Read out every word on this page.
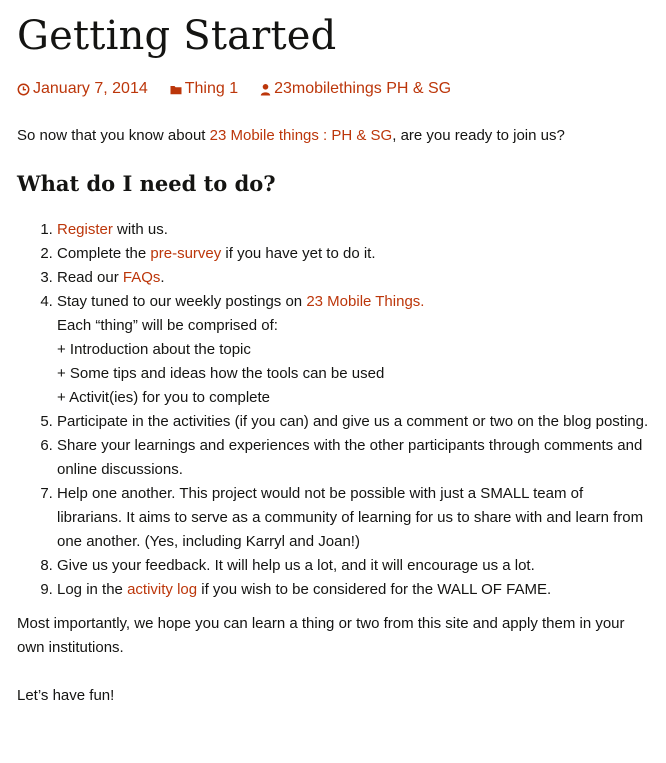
Getting Started
January 7, 2014 Thing 1 23mobilethings PH & SG

So now that you know about 23 Mobile things : PH & SG, are you ready to join us?

What do I need to do?
1. Register with us.
2. Complete the pre-survey if you have yet to do it.
3. Read our FAQs.
4. Stay tuned to our weekly postings on 23 Mobile Things.
Each “thing” will be comprised of:
+ Introduction about the topic
+ Some tips and ideas how the tools can be used
+ Activit(ies) for you to complete
5. Participate in the activities (if you can) and give us a comment or two on the blog posting.
6. Share your learnings and experiences with the other participants through comments and online discussions.
7. Help one another. This project would not be possible with just a SMALL team of librarians. It aims to serve as a community of learning for us to share with and learn from one another. (Yes, including Karryl and Joan!)
8. Give us your feedback. It will help us a lot, and it will encourage us a lot.
9. Log in the activity log if you wish to be considered for the WALL OF FAME.

Most importantly, we hope you can learn a thing or two from this site and apply them in your own institutions.

Let’s have fun!
